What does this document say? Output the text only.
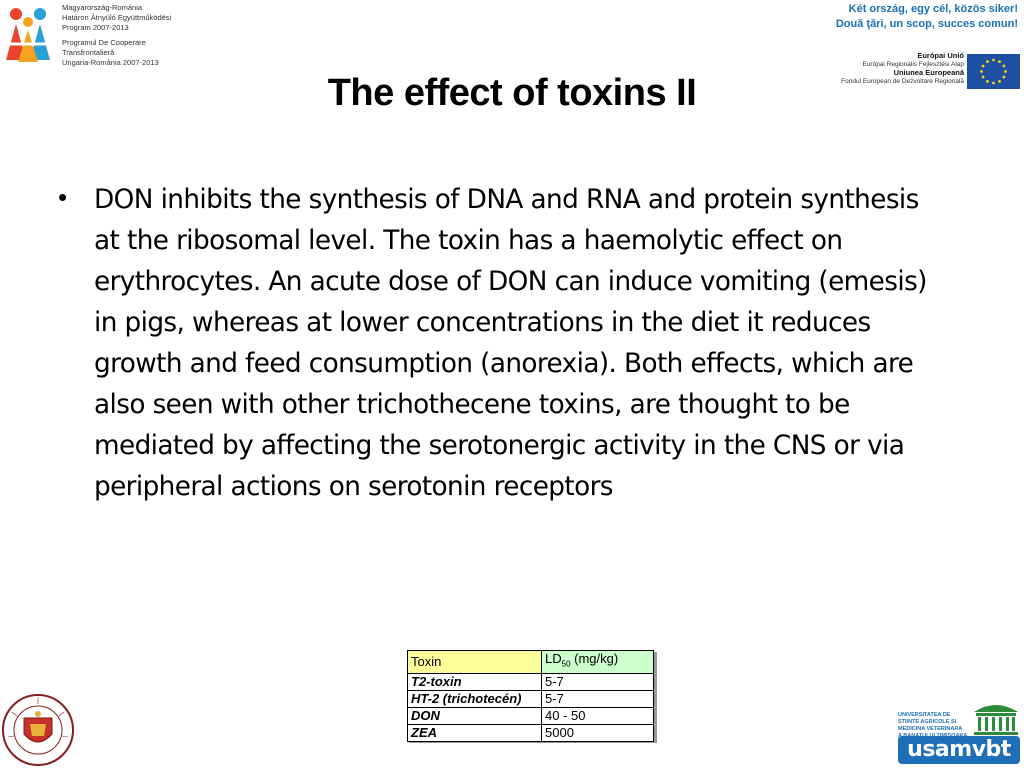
Magyarország-Románia
Határon Átnyúló Együttműködési
Program 2007-2013
Programul De Cooperare
Transfrontalieră
Ungaria-România 2007-2013
Két ország, egy cél, közös siker!
Două ţări, un scop, succes comun!
Európai Unió
Európai Regionális Fejlesztési Alap
Uniunea Europeană
Fondul European de Dezvoltare Regională
The effect of toxins II
• DON inhibits the synthesis of DNA and RNA and protein synthesis at the ribosomal level. The toxin has a haemolytic effect on erythrocytes. An acute dose of DON can induce vomiting (emesis) in pigs, whereas at lower concentrations in the diet it reduces growth and feed consumption (anorexia). Both effects, which are also seen with other trichothecene toxins, are thought to be mediated by affecting the serotonergic activity in the CNS or via peripheral actions on serotonin receptors
Toxin	$LD_{50}$ (mg/kg)
T2-toxin	5-7
HT-2 (trichotecén)	5-7
DON	40 - 50
ZEA	5000
UNIVERSITATEA DE
STIINTE AGRICOLE SI
MEDICINA VETERINARA
usamvbt
